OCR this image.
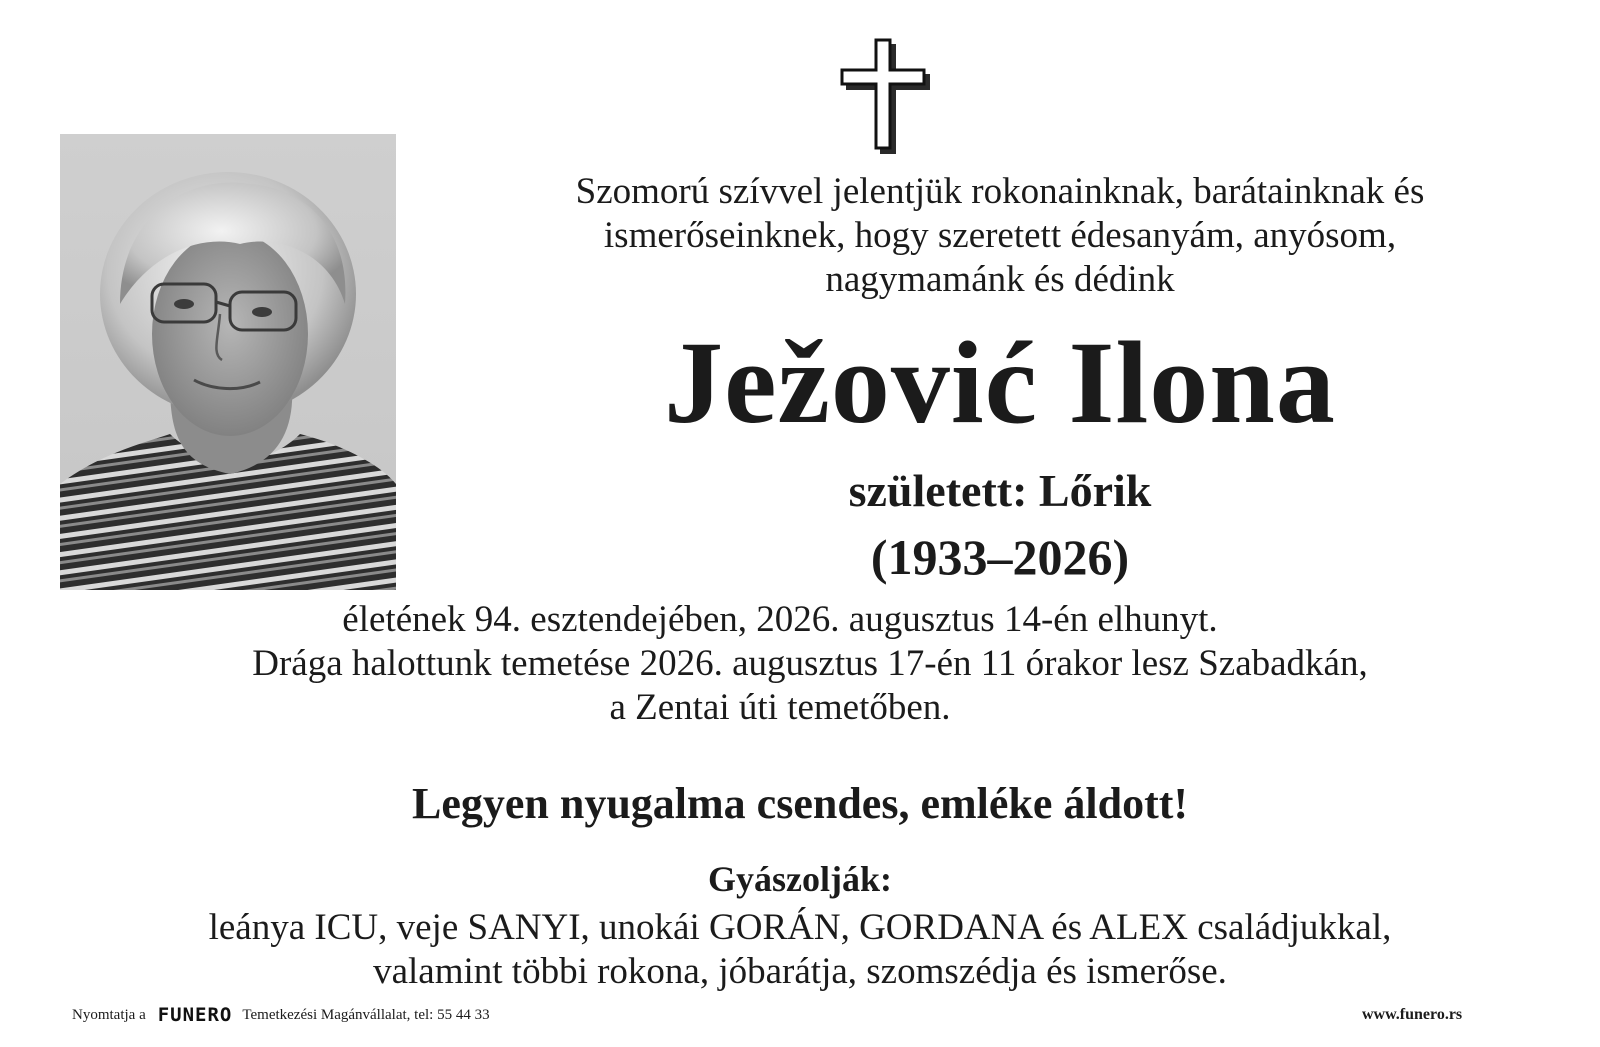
Szomorú szívvel jelentjük rokonainknak, barátainknak és
ismerőseinknek, hogy szeretett édesanyám, anyósom,
nagymamánk és dédink
Ježović Ilona
született: Lőrik
(1933–2026)
életének 94. esztendejében, 2026. augusztus 14-én elhunyt.
Drága halottunk temetése 2026. augusztus 17-én 11 órakor lesz Szabadkán,
a Zentai úti temetőben.
Legyen nyugalma csendes, emléke áldott!
Gyászolják:
leánya ICU, veje SANYI, unokái GORÁN, GORDANA és ALEX családjukkal,
valamint többi rokona, jóbarátja, szomszédja és ismerőse.
Nyomtatja a FUNERO Temetkezési Magánvállalat, tel: 55 44 33	www.funero.rs
